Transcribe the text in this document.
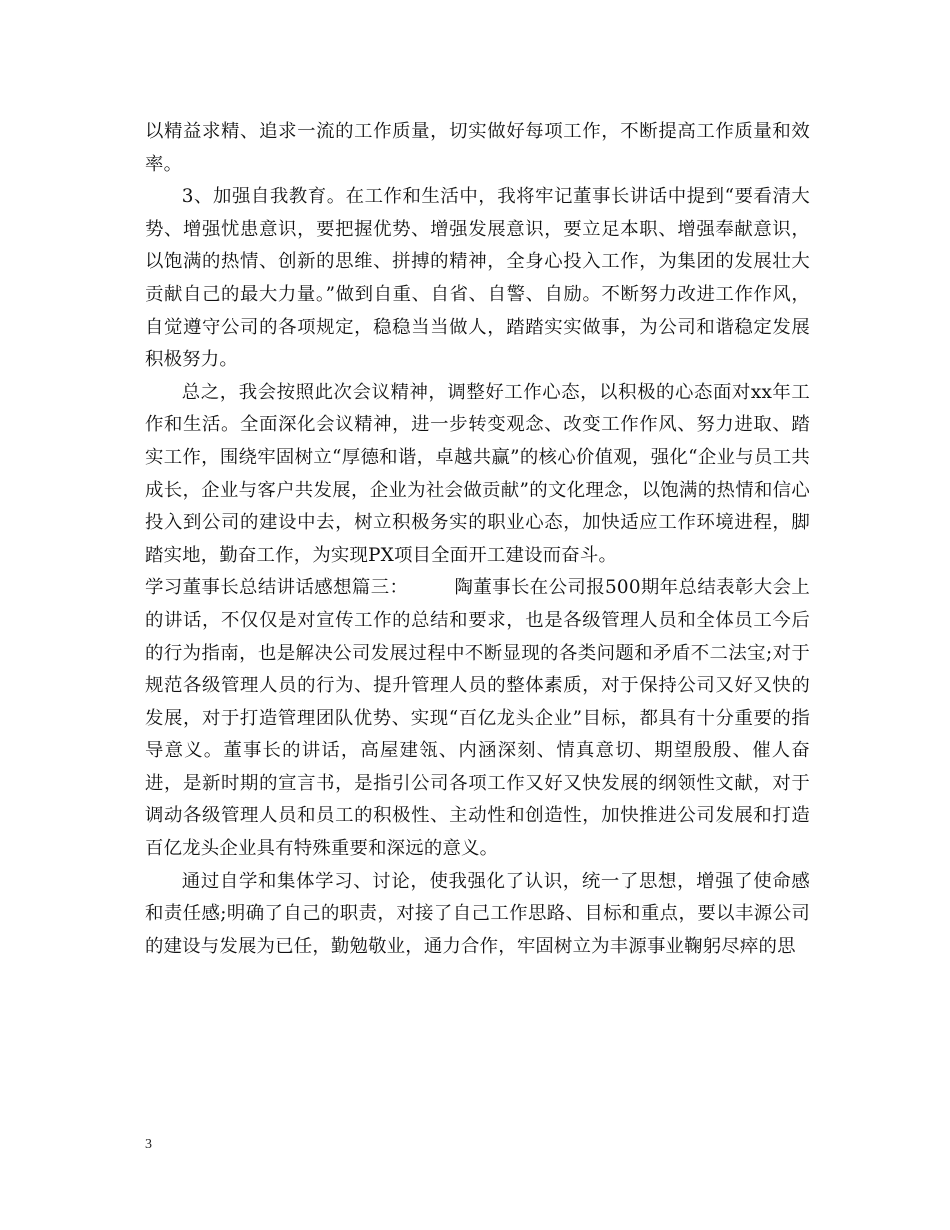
以精益求精、追求一流的工作质量，切实做好每项工作，不断提高工作质量和效率。

3、加强自我教育。在工作和生活中，我将牢记董事长讲话中提到“要看清大势、增强忧患意识，要把握优势、增强发展意识，要立足本职、增强奉献意识，以饱满的热情、创新的思维、拼搏的精神，全身心投入工作，为集团的发展壮大贡献自己的最大力量。”做到自重、自省、自警、自励。不断努力改进工作作风，自觉遵守公司的各项规定，稳稳当当做人，踏踏实实做事，为公司和谐稳定发展积极努力。

总之，我会按照此次会议精神，调整好工作心态，以积极的心态面对xx年工作和生活。全面深化会议精神，进一步转变观念、改变工作作风、努力进取、踏实工作，围绕牢固树立“厚德和谐，卓越共赢”的核心价值观，强化“企业与员工共成长，企业与客户共发展，企业为社会做贡献”的文化理念，以饱满的热情和信心投入到公司的建设中去，树立积极务实的职业心态，加快适应工作环境进程，脚踏实地，勤奋工作，为实现PX项目全面开工建设而奋斗。

学习董事长总结讲话感想篇三：	陶董事长在公司报500期年总结表彰大会上的讲话，不仅仅是对宣传工作的总结和要求，也是各级管理人员和全体员工今后的行为指南，也是解决公司发展过程中不断显现的各类问题和矛盾不二法宝;对于规范各级管理人员的行为、提升管理人员的整体素质，对于保持公司又好又快的发展，对于打造管理团队优势、实现“百亿龙头企业”目标，都具有十分重要的指导意义。董事长的讲话，高屋建瓴、内涵深刻、情真意切、期望殷殷、催人奋进，是新时期的宣言书，是指引公司各项工作又好又快发展的纲领性文献，对于调动各级管理人员和员工的积极性、主动性和创造性，加快推进公司发展和打造百亿龙头企业具有特殊重要和深远的意义。

通过自学和集体学习、讨论，使我强化了认识，统一了思想，增强了使命感和责任感;明确了自己的职责，对接了自己工作思路、目标和重点，要以丰源公司的建设与发展为已任，勤勉敬业，通力合作，牢固树立为丰源事业鞠躬尽瘁的思

3
